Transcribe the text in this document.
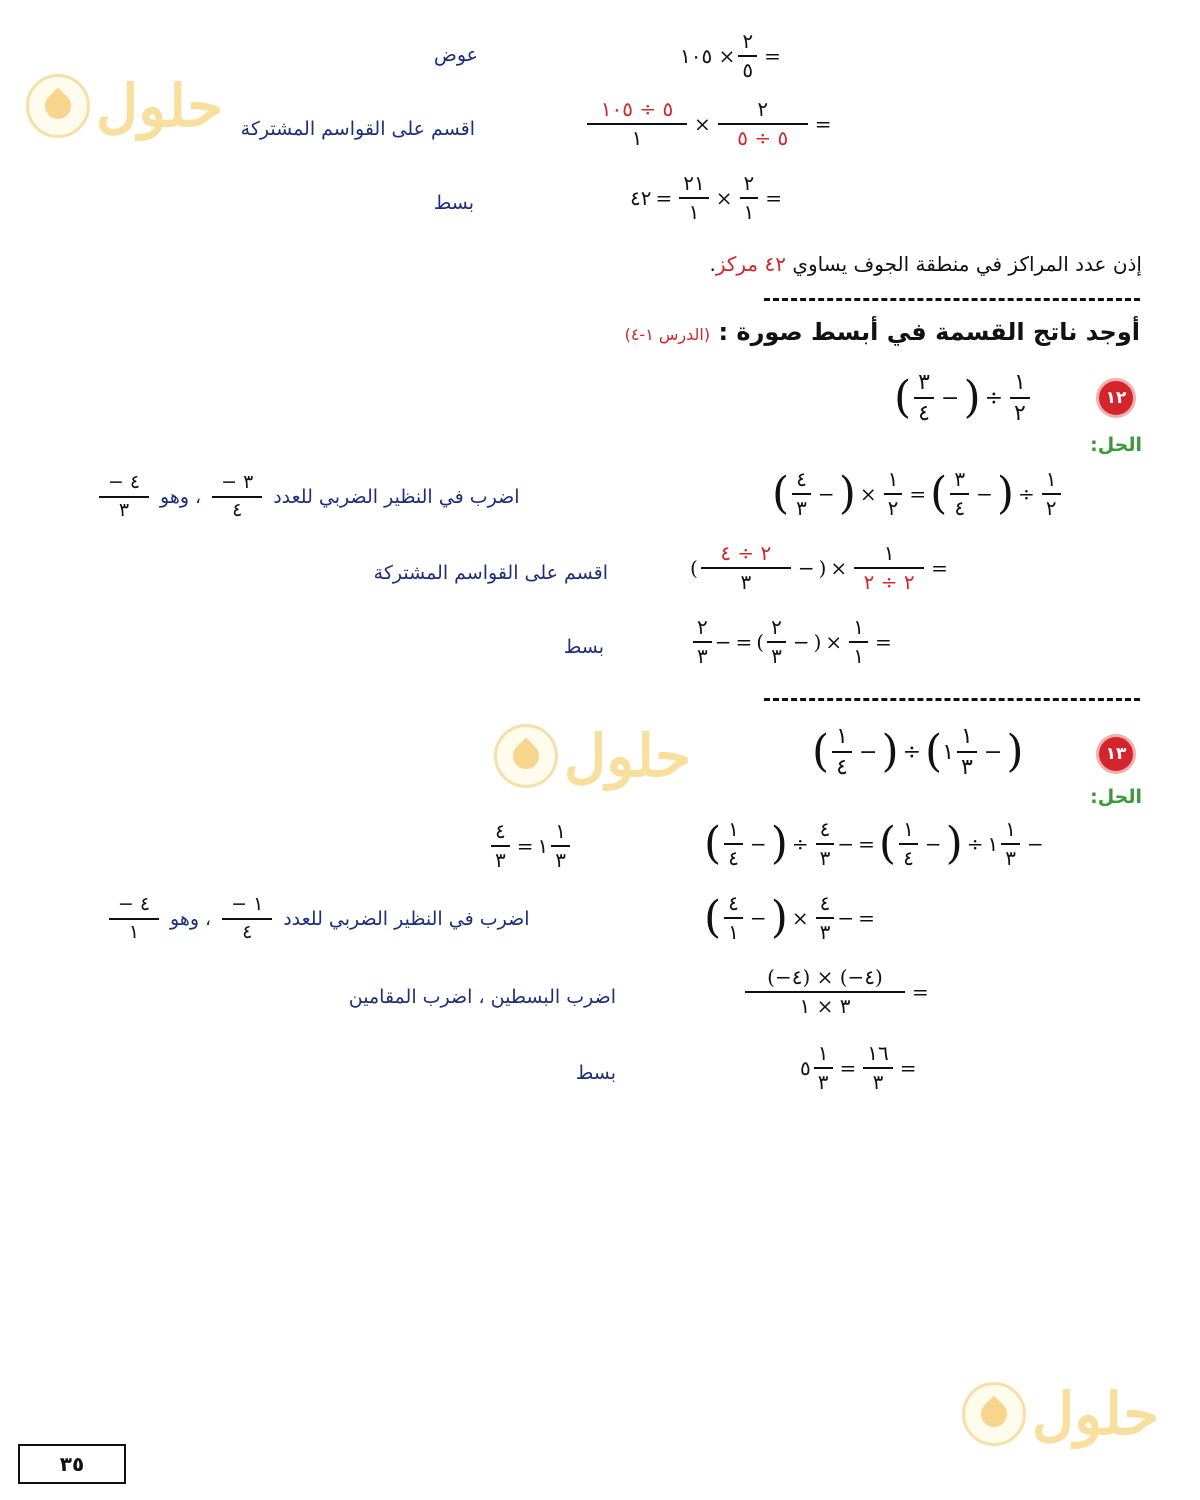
حلول
حلول
حلول
١٠٥ × $\frac{٢}{٥}$ =
عوض
$\frac{٥ \div ١٠٥}{١} \times \frac{٢}{٥ \div ٥}$ =
اقسم على القواسم المشتركة
٤٢ = $\frac{٢١}{١} \times \frac{٢}{١}$ =
بسط
إذن عدد المراكز في منطقة الجوف يساوي ٤٢ مركز.
أوجد ناتج القسمة في أبسط صورة : (الدرس ١-٤)
١٢
( $\frac{٣}{٤}$ − ) ÷ $\frac{١}{٢}$
الحل:
( $\frac{٤}{٣}$ − ) × $\frac{١}{٢}$ = ( $\frac{٣}{٤}$ − ) ÷ $\frac{١}{٢}$
$\frac{- ٤}{٣}$ ، وهو $\frac{- ٣}{٤}$ اضرب في النظير الضربي للعدد
( $\frac{٢ \div ٤}{٣}$ − ) × $\frac{١}{٢ \div ٢}$ =
اقسم على القواسم المشتركة
$\frac{٢}{٣}$ − = ( $\frac{٢}{٣}$ − ) × $\frac{١}{١}$ =
بسط
١٣
( $\frac{١}{٤}$ − ) ÷ ( ١ $\frac{١}{٣}$ − )
الحل:
( $\frac{١}{٤}$ − ) ÷ $\frac{٤}{٣}$ − = ( $\frac{١}{٤}$ − ) ÷ ١ $\frac{١}{٣}$ −
$\frac{٤}{٣}$ = ١ $\frac{١}{٣}$
( $\frac{٤}{١}$ − ) × $\frac{٤}{٣}$ − =
$\frac{- ٤}{١}$ ، وهو $\frac{- ١}{٤}$ اضرب في النظير الضربي للعدد
$\frac{(-٤) \times (-٤)}{٣ \times ١}$ =
اضرب البسطين ، اضرب المقامين
٥ $\frac{١}{٣} = \frac{١٦}{٣}$ =
بسط
٣٥
